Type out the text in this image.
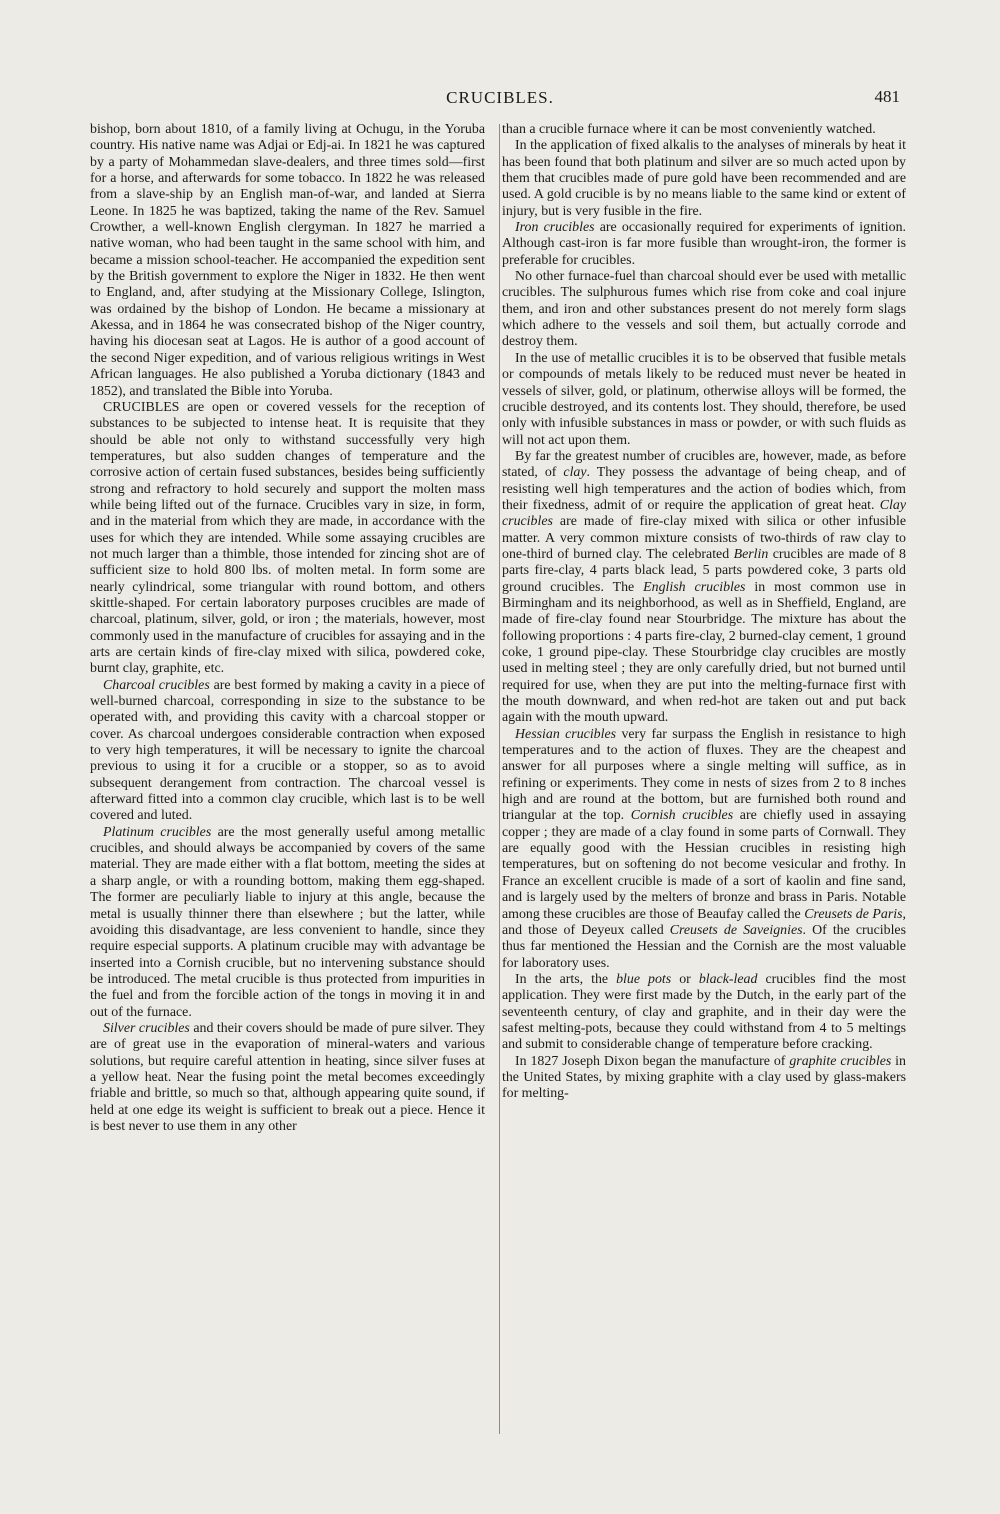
CRUCIBLES.	481

bishop, born about 1810, of a family living at Ochugu, in the Yoruba country. His native name was Adjai or Edj-ai. In 1821 he was captured by a party of Mohammedan slave-dealers, and three times sold—first for a horse, and afterwards for some tobacco. In 1822 he was released from a slave-ship by an English man-of-war, and landed at Sierra Leone. In 1825 he was baptized, taking the name of the Rev. Samuel Crowther, a well-known English clergyman. In 1827 he married a native woman, who had been taught in the same school with him, and became a mission school-teacher. He accompanied the expedition sent by the British government to explore the Niger in 1832. He then went to England, and, after studying at the Missionary College, Islington, was ordained by the bishop of London. He became a missionary at Akessa, and in 1864 he was consecrated bishop of the Niger country, having his diocesan seat at Lagos. He is author of a good account of the second Niger expedition, and of various religious writings in West African languages. He also published a Yoruba dictionary (1843 and 1852), and translated the Bible into Yoruba.

CRUCIBLES are open or covered vessels for the reception of substances to be subjected to intense heat. It is requisite that they should be able not only to withstand successfully very high temperatures, but also sudden changes of temperature and the corrosive action of certain fused substances, besides being sufficiently strong and refractory to hold securely and support the molten mass while being lifted out of the furnace. Crucibles vary in size, in form, and in the material from which they are made, in accordance with the uses for which they are intended. While some assaying crucibles are not much larger than a thimble, those intended for zincing shot are of sufficient size to hold 800 lbs. of molten metal. In form some are nearly cylindrical, some triangular with round bottom, and others skittle-shaped. For certain laboratory purposes crucibles are made of charcoal, platinum, silver, gold, or iron ; the materials, however, most commonly used in the manufacture of crucibles for assaying and in the arts are certain kinds of fire-clay mixed with silica, powdered coke, burnt clay, graphite, etc.

Charcoal crucibles are best formed by making a cavity in a piece of well-burned charcoal, corresponding in size to the substance to be operated with, and providing this cavity with a charcoal stopper or cover. As charcoal undergoes considerable contraction when exposed to very high temperatures, it will be necessary to ignite the charcoal previous to using it for a crucible or a stopper, so as to avoid subsequent derangement from contraction. The charcoal vessel is afterward fitted into a common clay crucible, which last is to be well covered and luted.

Platinum crucibles are the most generally useful among metallic crucibles, and should always be accompanied by covers of the same material. They are made either with a flat bottom, meeting the sides at a sharp angle, or with a rounding bottom, making them egg-shaped. The former are peculiarly liable to injury at this angle, because the metal is usually thinner there than elsewhere ; but the latter, while avoiding this disadvantage, are less convenient to handle, since they require especial supports. A platinum crucible may with advantage be inserted into a Cornish crucible, but no intervening substance should be introduced. The metal crucible is thus protected from impurities in the fuel and from the forcible action of the tongs in moving it in and out of the furnace.

Silver crucibles and their covers should be made of pure silver. They are of great use in the evaporation of mineral-waters and various solutions, but require careful attention in heating, since silver fuses at a yellow heat. Near the fusing point the metal becomes exceedingly friable and brittle, so much so that, although appearing quite sound, if held at one edge its weight is sufficient to break out a piece. Hence it is best never to use them in any other

than a crucible furnace where it can be most conveniently watched.

In the application of fixed alkalis to the analyses of minerals by heat it has been found that both platinum and silver are so much acted upon by them that crucibles made of pure gold have been recommended and are used. A gold crucible is by no means liable to the same kind or extent of injury, but is very fusible in the fire.

Iron crucibles are occasionally required for experiments of ignition. Although cast-iron is far more fusible than wrought-iron, the former is preferable for crucibles.

No other furnace-fuel than charcoal should ever be used with metallic crucibles. The sulphurous fumes which rise from coke and coal injure them, and iron and other substances present do not merely form slags which adhere to the vessels and soil them, but actually corrode and destroy them.

In the use of metallic crucibles it is to be observed that fusible metals or compounds of metals likely to be reduced must never be heated in vessels of silver, gold, or platinum, otherwise alloys will be formed, the crucible destroyed, and its contents lost. They should, therefore, be used only with infusible substances in mass or powder, or with such fluids as will not act upon them.

By far the greatest number of crucibles are, however, made, as before stated, of clay. They possess the advantage of being cheap, and of resisting well high temperatures and the action of bodies which, from their fixedness, admit of or require the application of great heat. Clay crucibles are made of fire-clay mixed with silica or other infusible matter. A very common mixture consists of two-thirds of raw clay to one-third of burned clay. The celebrated Berlin crucibles are made of 8 parts fire-clay, 4 parts black lead, 5 parts powdered coke, 3 parts old ground crucibles. The English crucibles in most common use in Birmingham and its neighborhood, as well as in Sheffield, England, are made of fire-clay found near Stourbridge. The mixture has about the following proportions : 4 parts fire-clay, 2 burned-clay cement, 1 ground coke, 1 ground pipe-clay. These Stourbridge clay crucibles are mostly used in melting steel ; they are only carefully dried, but not burned until required for use, when they are put into the melting-furnace first with the mouth downward, and when red-hot are taken out and put back again with the mouth upward.

Hessian crucibles very far surpass the English in resistance to high temperatures and to the action of fluxes. They are the cheapest and answer for all purposes where a single melting will suffice, as in refining or experiments. They come in nests of sizes from 2 to 8 inches high and are round at the bottom, but are furnished both round and triangular at the top. Cornish crucibles are chiefly used in assaying copper ; they are made of a clay found in some parts of Cornwall. They are equally good with the Hessian crucibles in resisting high temperatures, but on softening do not become vesicular and frothy. In France an excellent crucible is made of a sort of kaolin and fine sand, and is largely used by the melters of bronze and brass in Paris. Notable among these crucibles are those of Beaufay called the Creusets de Paris, and those of Deyeux called Creusets de Saveignies. Of the crucibles thus far mentioned the Hessian and the Cornish are the most valuable for laboratory uses.

In the arts, the blue pots or black-lead crucibles find the most application. They were first made by the Dutch, in the early part of the seventeenth century, of clay and graphite, and in their day were the safest melting-pots, because they could withstand from 4 to 5 meltings and submit to considerable change of temperature before cracking.

In 1827 Joseph Dixon began the manufacture of graphite crucibles in the United States, by mixing graphite with a clay used by glass-makers for melting-
